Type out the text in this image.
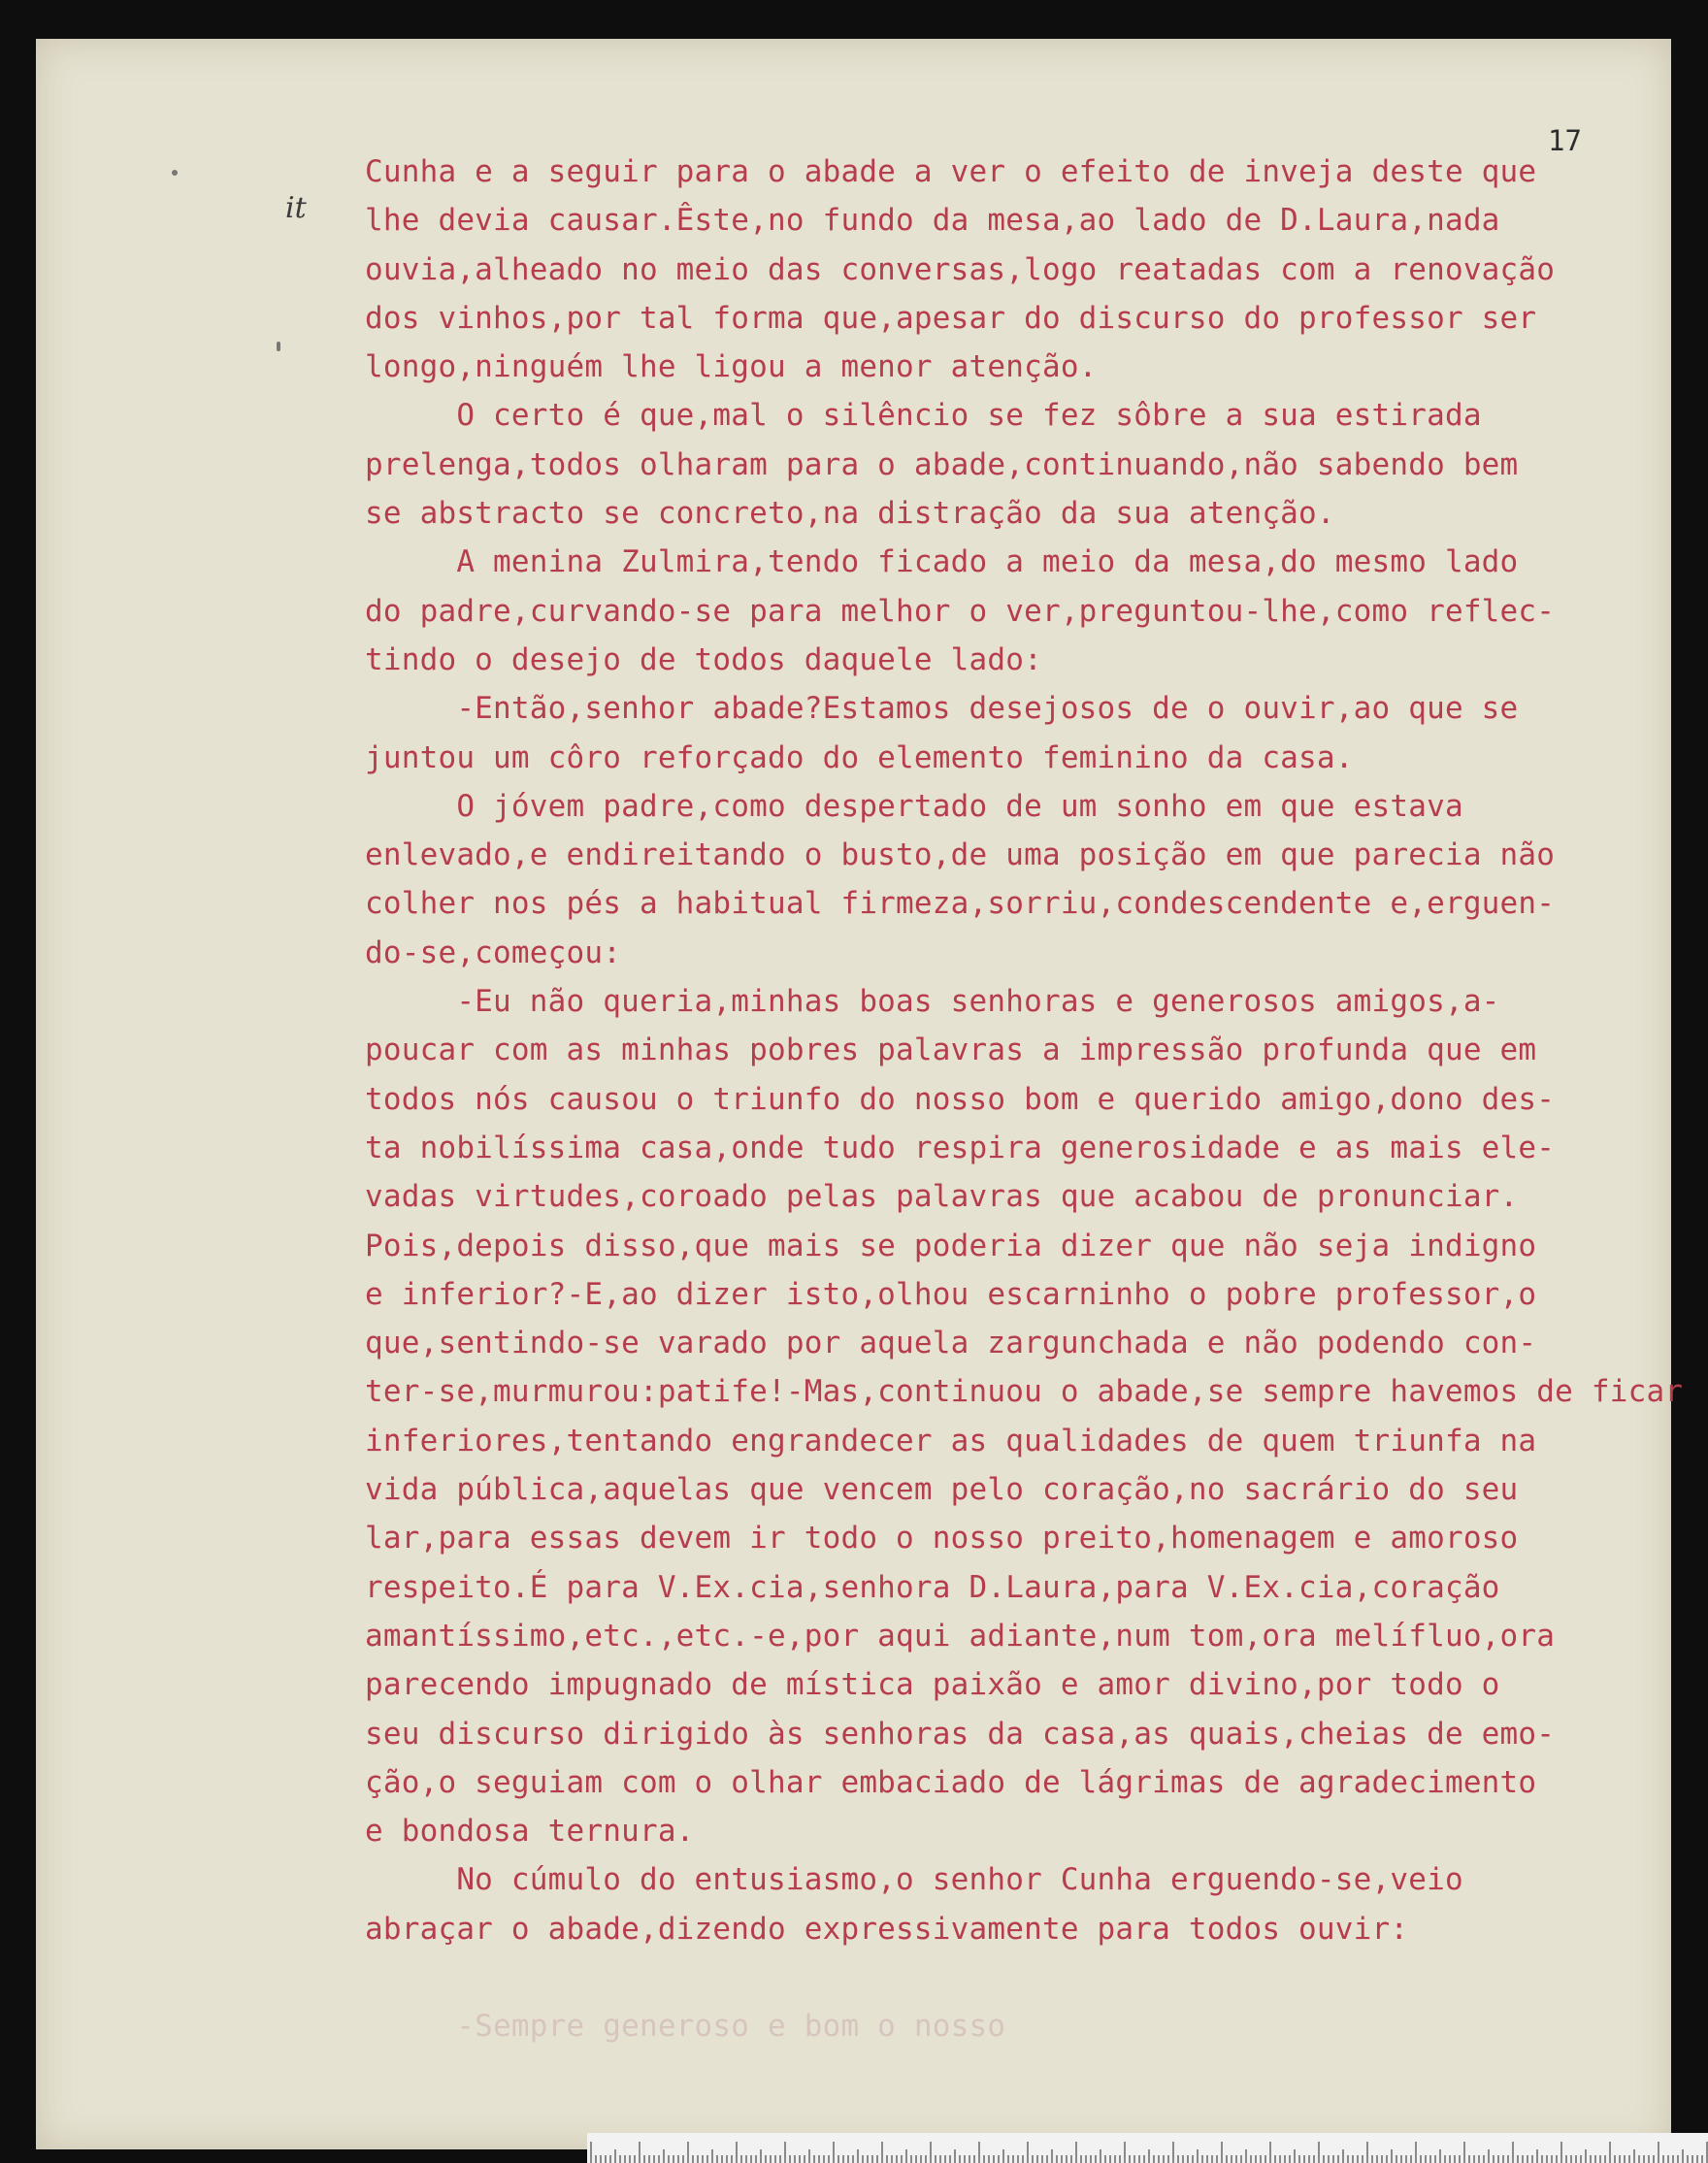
17
it
Cunha e a seguir para o abade a ver o efeito de inveja deste que
lhe devia causar.Êste,no fundo da mesa,ao lado de D.Laura,nada
ouvia,alheado no meio das conversas,logo reatadas com a renovação
dos vinhos,por tal forma que,apesar do discurso do professor ser
longo,ninguém lhe ligou a menor atenção.
O certo é que,mal o silêncio se fez sôbre a sua estirada
prelenga,todos olharam para o abade,continuando,não sabendo bem
se abstracto se concreto,na distração da sua atenção.
A menina Zulmira,tendo ficado a meio da mesa,do mesmo lado
do padre,curvando-se para melhor o ver,preguntou-lhe,como reflec-
tindo o desejo de todos daquele lado:
-Então,senhor abade?Estamos desejosos de o ouvir,ao que se
juntou um côro reforçado do elemento feminino da casa.
O jóvem padre,como despertado de um sonho em que estava
enlevado,e endireitando o busto,de uma posição em que parecia não
colher nos pés a habitual firmeza,sorriu,condescendente e,erguen-
do-se,começou:
-Eu não queria,minhas boas senhoras e generosos amigos,a-
poucar com as minhas pobres palavras a impressão profunda que em
todos nós causou o triunfo do nosso bom e querido amigo,dono des-
ta nobilíssima casa,onde tudo respira generosidade e as mais ele-
vadas virtudes,coroado pelas palavras que acabou de pronunciar.
Pois,depois disso,que mais se poderia dizer que não seja indigno
e inferior?-E,ao dizer isto,olhou escarninho o pobre professor,o
que,sentindo-se varado por aquela zargunchada e não podendo con-
ter-se,murmurou:patife!-Mas,continuou o abade,se sempre havemos de ficar
inferiores,tentando engrandecer as qualidades de quem triunfa na
vida pública,aquelas que vencem pelo coração,no sacrário do seu
lar,para essas devem ir todo o nosso preito,homenagem e amoroso
respeito.É para V.Ex.cia,senhora D.Laura,para V.Ex.cia,coração
amantíssimo,etc.,etc.-e,por aqui adiante,num tom,ora melífluo,ora
parecendo impugnado de mística paixão e amor divino,por todo o
seu discurso dirigido às senhoras da casa,as quais,cheias de emo-
ção,o seguiam com o olhar embaciado de lágrimas de agradecimento
e bondosa ternura.
No cúmulo do entusiasmo,o senhor Cunha erguendo-se,veio
abraçar o abade,dizendo expressivamente para todos ouvir:
-Sempre generoso e bom o nosso
